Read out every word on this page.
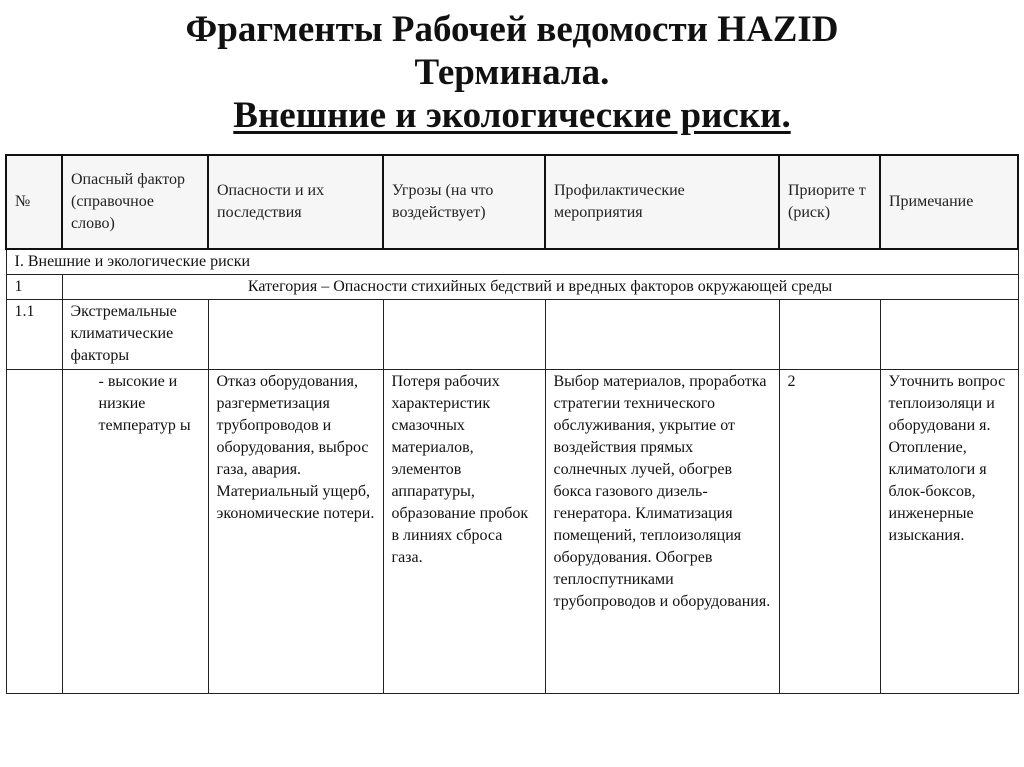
Фрагменты Рабочей ведомости HAZID
Терминала.
Внешние и экологические риски.
№	Опасный фактор (справочное слово)	Опасности и их последствия	Угрозы (на что воздействует)	Профилактические мероприятия	Приорите т (риск)	Примечание
I. Внешние и экологические риски						
1	Категория – Опасности стихийных бедствий и вредных факторов окружающей среды					
1.1	Экстремальные климатические факторы					
	- высокие и низкие температур ы	Отказ оборудования, разгерметизация трубопроводов и оборудования, выброс газа, авария. Материальный ущерб, экономические потери.	Потеря рабочих характеристик смазочных материалов, элементов аппаратуры, образование пробок в линиях сброса газа.	Выбор материалов, проработка стратегии технического обслуживания, укрытие от воздействия прямых солнечных лучей, обогрев бокса газового дизель-генератора. Климатизация помещений, теплоизоляция оборудования. Обогрев теплоспутниками трубопроводов и оборудования.	2	Уточнить вопрос теплоизоляци и оборудовани я. Отопление, климатологи я блок-боксов, инженерные изыскания.
